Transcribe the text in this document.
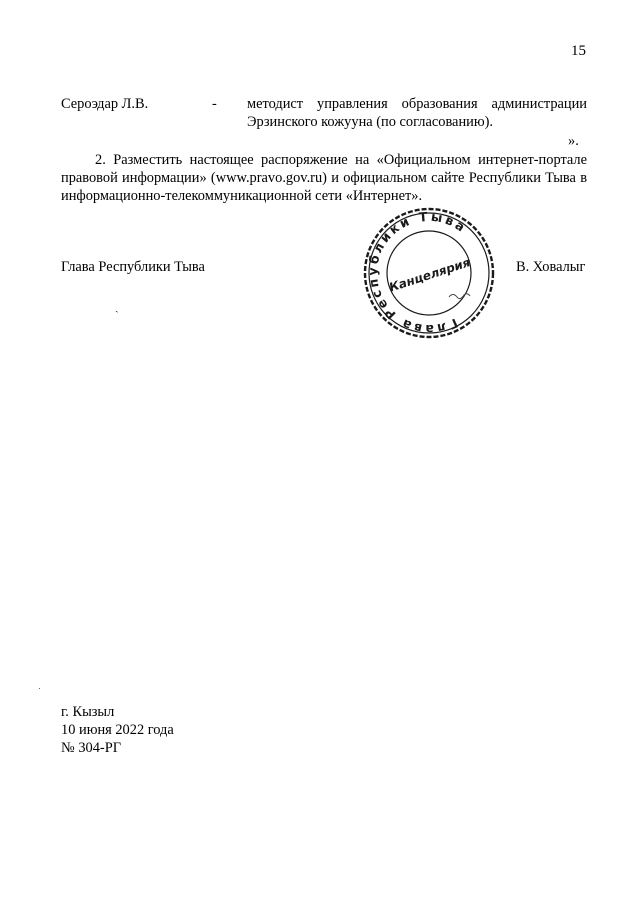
15
Сероэдар Л.В.	- методист управления образования администрации Эрзинского кожууна (по согласованию).
».
2. Разместить настоящее распоряжение на «Официальном интернет-портале правовой информации» (www.pravo.gov.ru) и официальном сайте Республики Тыва в информационно-телекоммуникационной сети «Интернет».
Глава Республики Тыва	В. Ховалыг
Глава Республики Тыва
Канцелярия
ˏ
г. Кызыл
10 июня 2022 года
№ 304-РГ
